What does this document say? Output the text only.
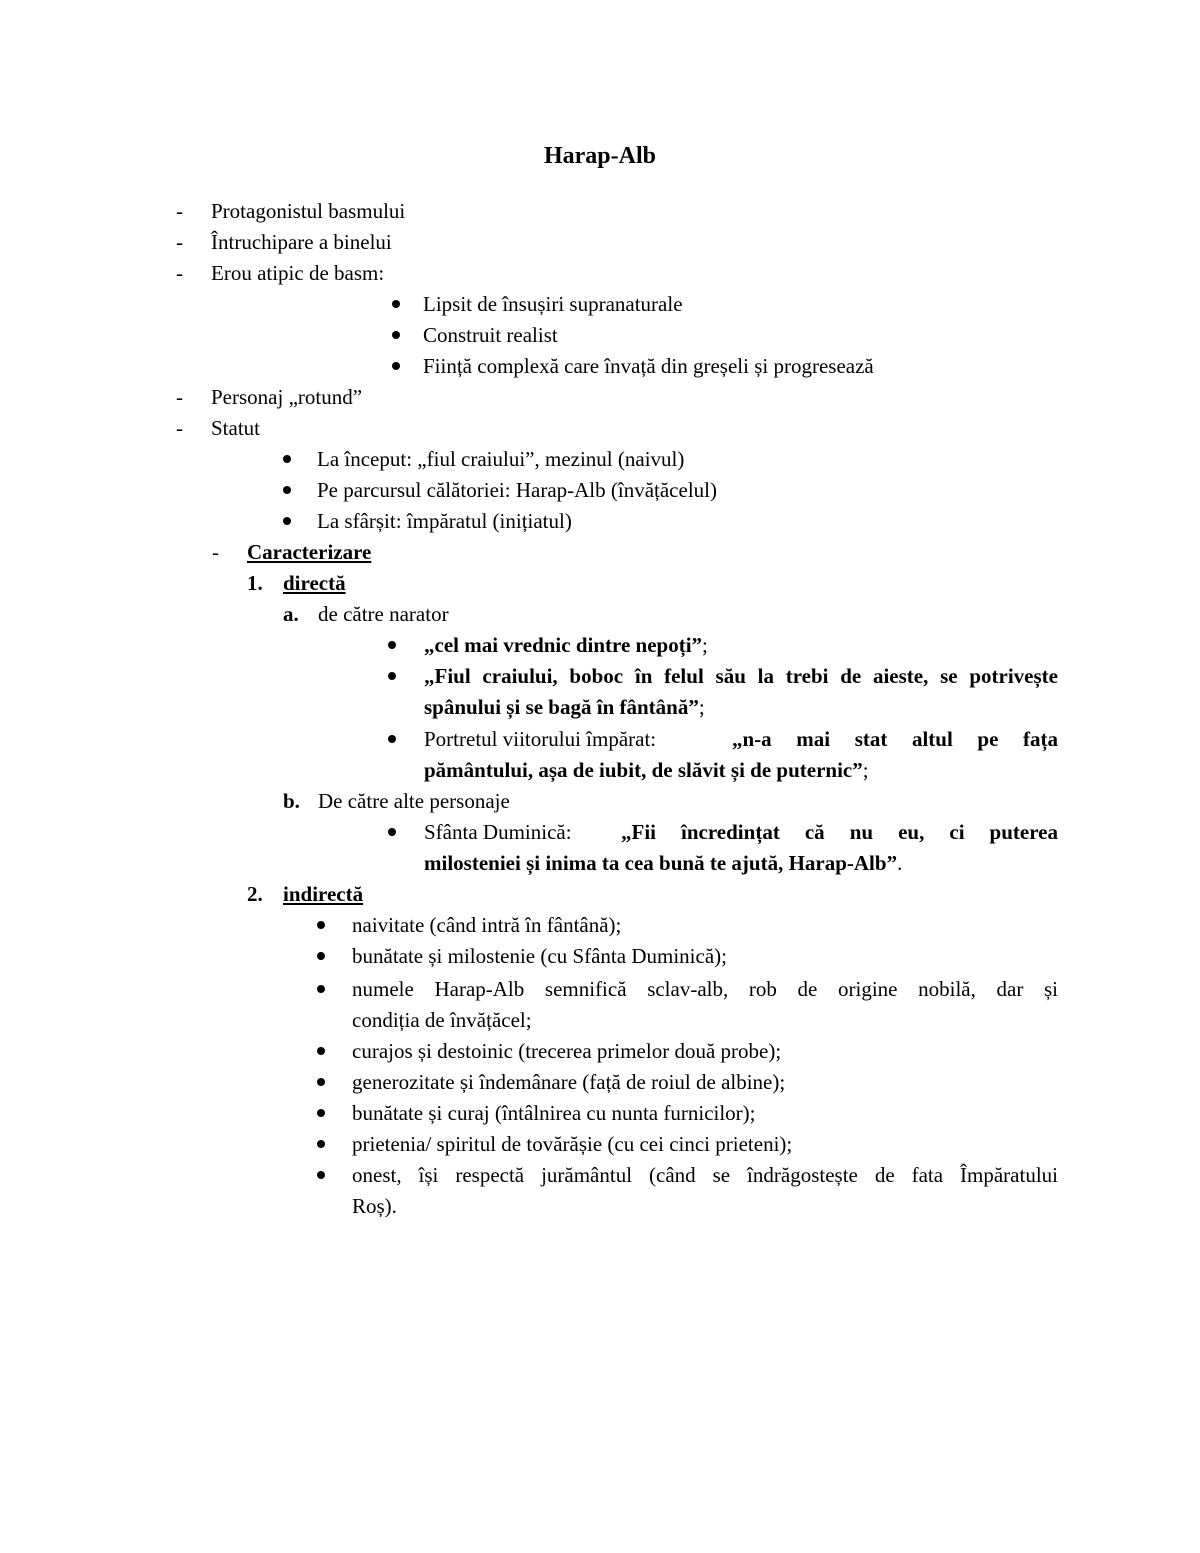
Harap-Alb
- Protagonistul basmului
- Întruchipare a binelui
- Erou atipic de basm:
Lipsit de însușiri supranaturale
Construit realist
Ființă complexă care învață din greșeli și progresează
- Personaj „rotund”
- Statut
La început: „fiul craiului”, mezinul (naivul)
Pe parcursul călătoriei: Harap-Alb (învățăcelul)
La sfârșit: împăratul (inițiatul)
- Caracterizare
1. directă
a. de către narator
„cel mai vrednic dintre nepoți”;
„Fiul craiului, boboc în felul său la trebi de aieste, se potrivește
spânului și se bagă în fântână”;
Portretul viitorului împărat:	„n-a mai stat altul pe fața
pământului, așa de iubit, de slăvit și de puternic”;
b. De către alte personaje
Sfânta Duminică: „Fii încredințat că nu eu, ci puterea
milosteniei și inima ta cea bună te ajută, Harap-Alb”.
2. indirectă
naivitate (când intră în fântână);
bunătate și milostenie (cu Sfânta Duminică);
numele Harap-Alb semnifică sclav-alb, rob de origine nobilă, dar și
condiția de învățăcel;
curajos și destoinic (trecerea primelor două probe);
generozitate și îndemânare (față de roiul de albine);
bunătate și curaj (întâlnirea cu nunta furnicilor);
prietenia/ spiritul de tovărășie (cu cei cinci prieteni);
onest, își respectă jurământul (când se îndrăgostește de fata Împăratului
Roș).
